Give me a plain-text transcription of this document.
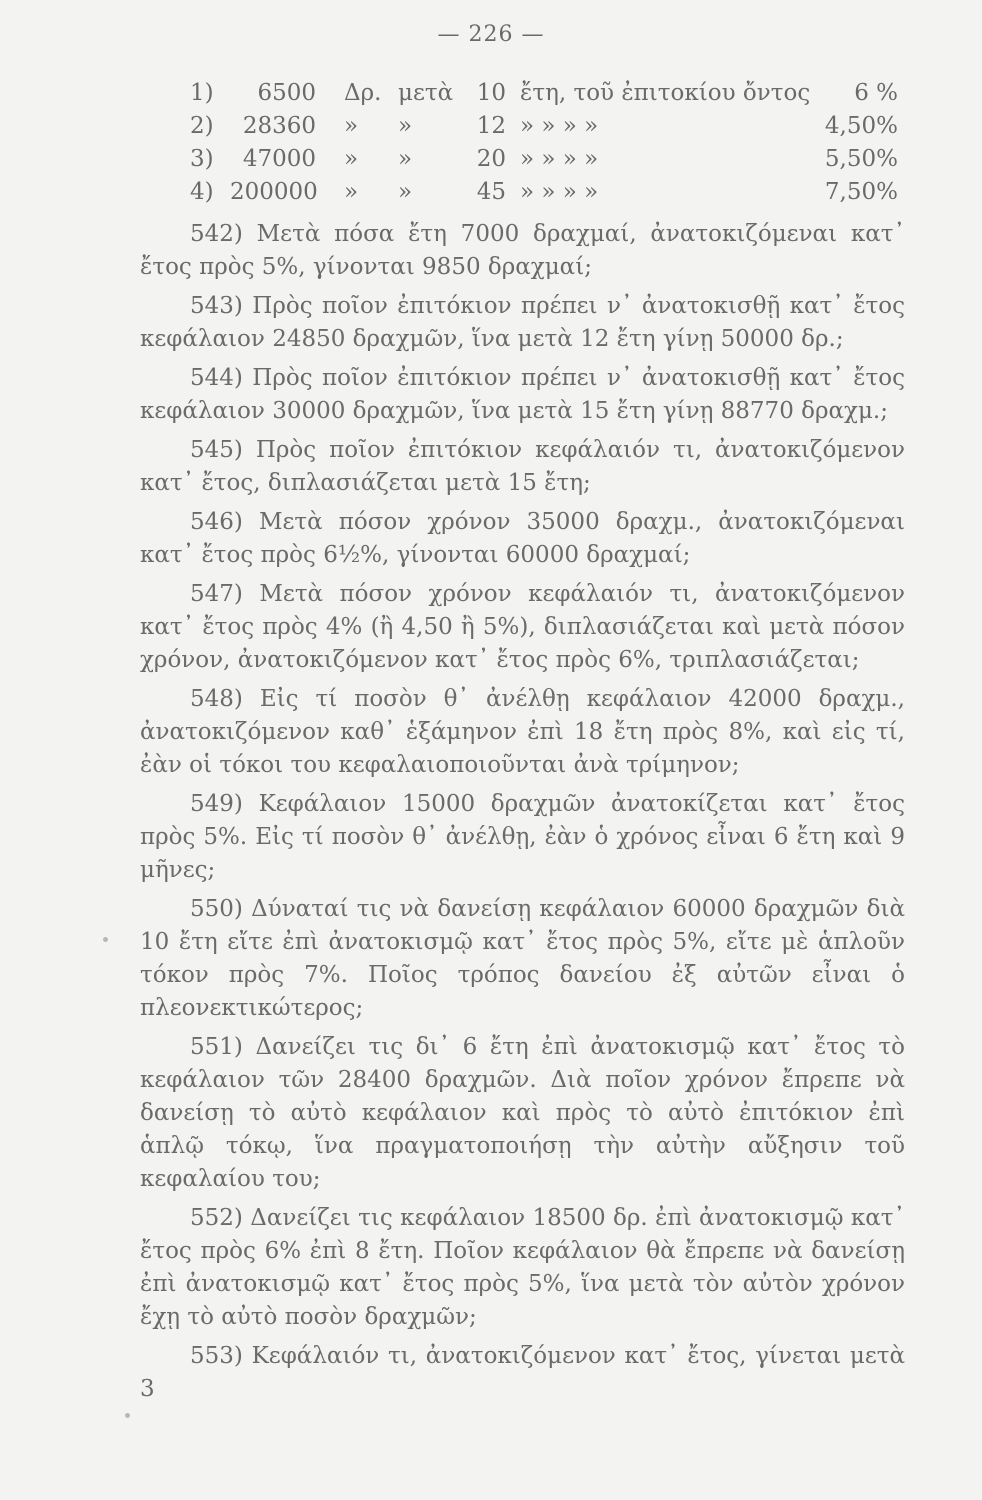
— 226 —
1)	6500 Δρ. μετὰ 10 ἔτη, τοῦ ἐπιτοκίου ὄντος	6 %
2)	28360 » »	12 » » » »	4,50%
3)	47000 » »	20 » » » »	5,50%
4) 200000 » »	45 » » » »	7,50%

542) Μετὰ πόσα ἔτη 7000 δραχμαί, ἀνατοκιζόμεναι κατ᾽ ἔτος πρὸς 5%, γίνονται 9850 δραχμαί;

543) Πρὸς ποῖον ἐπιτόκιον πρέπει ν᾽ ἀνατοκισθῇ κατ᾽ ἔτος κεφάλαιον 24850 δραχμῶν, ἵνα μετὰ 12 ἔτη γίνῃ 50000 δρ.;

544) Πρὸς ποῖον ἐπιτόκιον πρέπει ν᾽ ἀνατοκισθῇ κατ᾽ ἔτος κεφάλαιον 30000 δραχμῶν, ἵνα μετὰ 15 ἔτη γίνῃ 88770 δραχμ.;

545) Πρὸς ποῖον ἐπιτόκιον κεφάλαιόν τι, ἀνατοκιζόμενον κατ᾽ ἔτος, διπλασιάζεται μετὰ 15 ἔτη;

546) Μετὰ πόσον χρόνον 35000 δραχμ., ἀνατοκιζόμεναι κατ᾽ ἔτος πρὸς 6½%, γίνονται 60000 δραχμαί;

547) Μετὰ πόσον χρόνον κεφάλαιόν τι, ἀνατοκιζόμενον κατ᾽ ἔτος πρὸς 4% (ἢ 4,50 ἢ 5%), διπλασιάζεται καὶ μετὰ πόσον χρόνον, ἀνατοκιζόμενον κατ᾽ ἔτος πρὸς 6%, τριπλασιάζεται;

548) Εἰς τί ποσὸν θ᾽ ἀνέλθῃ κεφάλαιον 42000 δραχμ., ἀνατοκιζόμενον καθ᾽ ἑξάμηνον ἐπὶ 18 ἔτη πρὸς 8%, καὶ εἰς τί, ἐὰν οἱ τόκοι του κεφαλαιοποιοῦνται ἀνὰ τρίμηνον;

549) Κεφάλαιον 15000 δραχμῶν ἀνατοκίζεται κατ᾽ ἔτος πρὸς 5%. Εἰς τί ποσὸν θ᾽ ἀνέλθῃ, ἐὰν ὁ χρόνος εἶναι 6 ἔτη καὶ 9 μῆνες;

550) Δύναταί τις νὰ δανείσῃ κεφάλαιον 60000 δραχμῶν διὰ 10 ἔτη εἴτε ἐπὶ ἀνατοκισμῷ κατ᾽ ἔτος πρὸς 5%, εἴτε μὲ ἁπλοῦν τόκον πρὸς 7%. Ποῖος τρόπος δανείου ἐξ αὐτῶν εἶναι ὁ πλεονεκτικώτερος;

551) Δανείζει τις δι᾽ 6 ἔτη ἐπὶ ἀνατοκισμῷ κατ᾽ ἔτος τὸ κεφάλαιον τῶν 28400 δραχμῶν. Διὰ ποῖον χρόνον ἔπρεπε νὰ δανείσῃ τὸ αὐτὸ κεφάλαιον καὶ πρὸς τὸ αὐτὸ ἐπιτόκιον ἐπὶ ἁπλῷ τόκῳ, ἵνα πραγματοποιήσῃ τὴν αὐτὴν αὔξησιν τοῦ κεφαλαίου του;

552) Δανείζει τις κεφάλαιον 18500 δρ. ἐπὶ ἀνατοκισμῷ κατ᾽ ἔτος πρὸς 6% ἐπὶ 8 ἔτη. Ποῖον κεφάλαιον θὰ ἔπρεπε νὰ δανείσῃ ἐπὶ ἀνατοκισμῷ κατ᾽ ἔτος πρὸς 5%, ἵνα μετὰ τὸν αὐτὸν χρόνον ἔχῃ τὸ αὐτὸ ποσὸν δραχμῶν;

553) Κεφάλαιόν τι, ἀνατοκιζόμενον κατ᾽ ἔτος, γίνεται μετὰ 3
